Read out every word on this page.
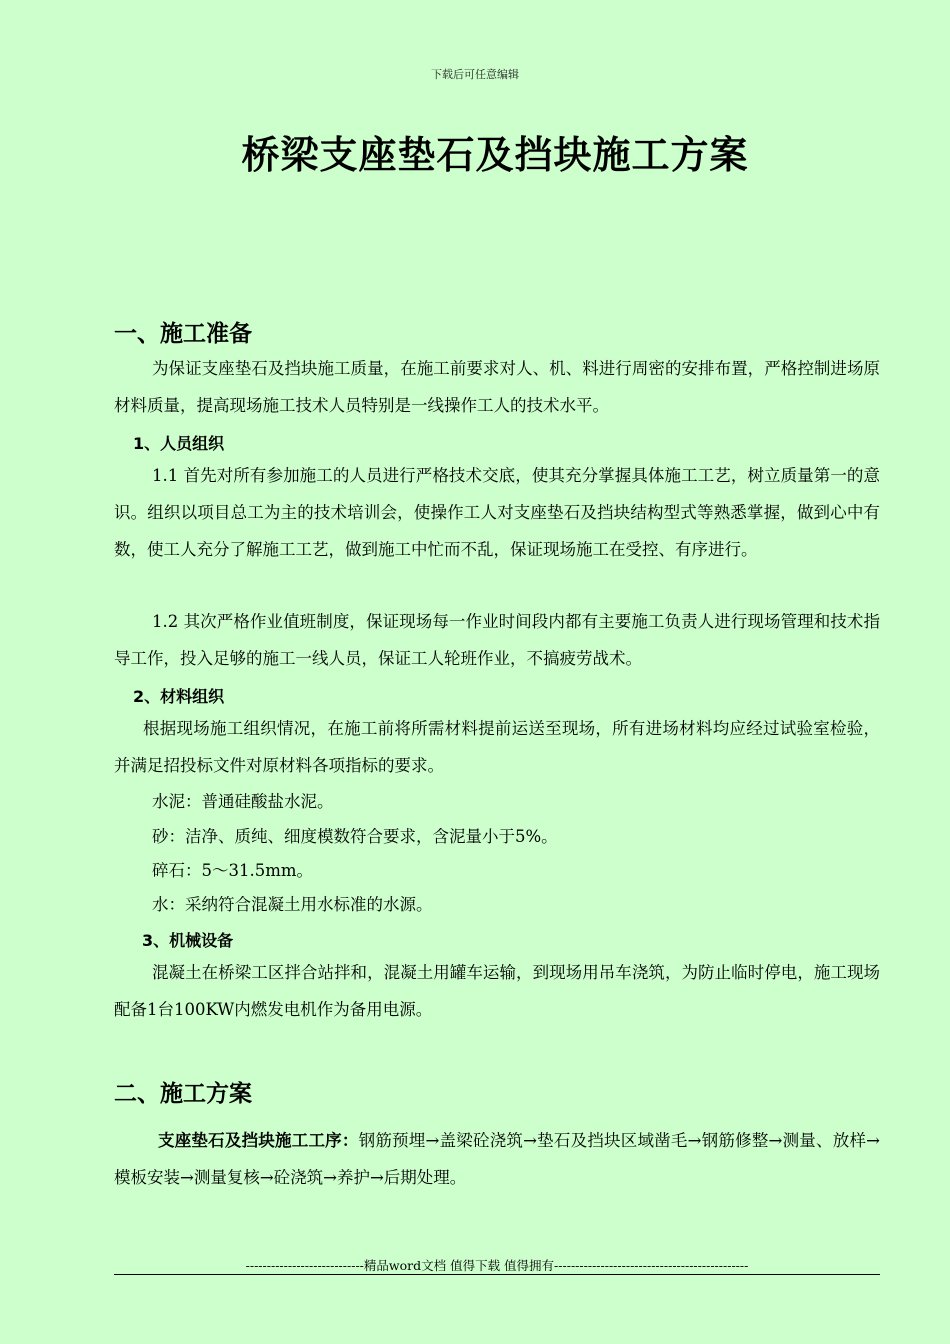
下载后可任意编辑
桥梁支座垫石及挡块施工方案
一、施工准备
为保证支座垫石及挡块施工质量，在施工前要求对人、机、料进行周密的安排布置，严格控制进场原材料质量，提高现场施工技术人员特别是一线操作工人的技术水平。
1、人员组织
1.1 首先对所有参加施工的人员进行严格技术交底，使其充分掌握具体施工工艺，树立质量第一的意识。组织以项目总工为主的技术培训会，使操作工人对支座垫石及挡块结构型式等熟悉掌握，做到心中有数，使工人充分了解施工工艺，做到施工中忙而不乱，保证现场施工在受控、有序进行。
1.2 其次严格作业值班制度，保证现场每一作业时间段内都有主要施工负责人进行现场管理和技术指导工作，投入足够的施工一线人员，保证工人轮班作业，不搞疲劳战术。
2、材料组织
根据现场施工组织情况，在施工前将所需材料提前运送至现场，所有进场材料均应经过试验室检验，并满足招投标文件对原材料各项指标的要求。
水泥：普通硅酸盐水泥。
砂：洁净、质纯、细度模数符合要求，含泥量小于5%。
碎石：5～31.5mm。
水：采纳符合混凝土用水标准的水源。
3、机械设备
混凝土在桥梁工区拌合站拌和，混凝土用罐车运输，到现场用吊车浇筑，为防止临时停电，施工现场配备1台100KW内燃发电机作为备用电源。
二、施工方案
支座垫石及挡块施工工序：钢筋预埋→盖梁砼浇筑→垫石及挡块区域凿毛→钢筋修整→测量、放样→模板安装→测量复核→砼浇筑→养护→后期处理。
----------------------------精品word文档 值得下载 值得拥有----------------------------------------------
